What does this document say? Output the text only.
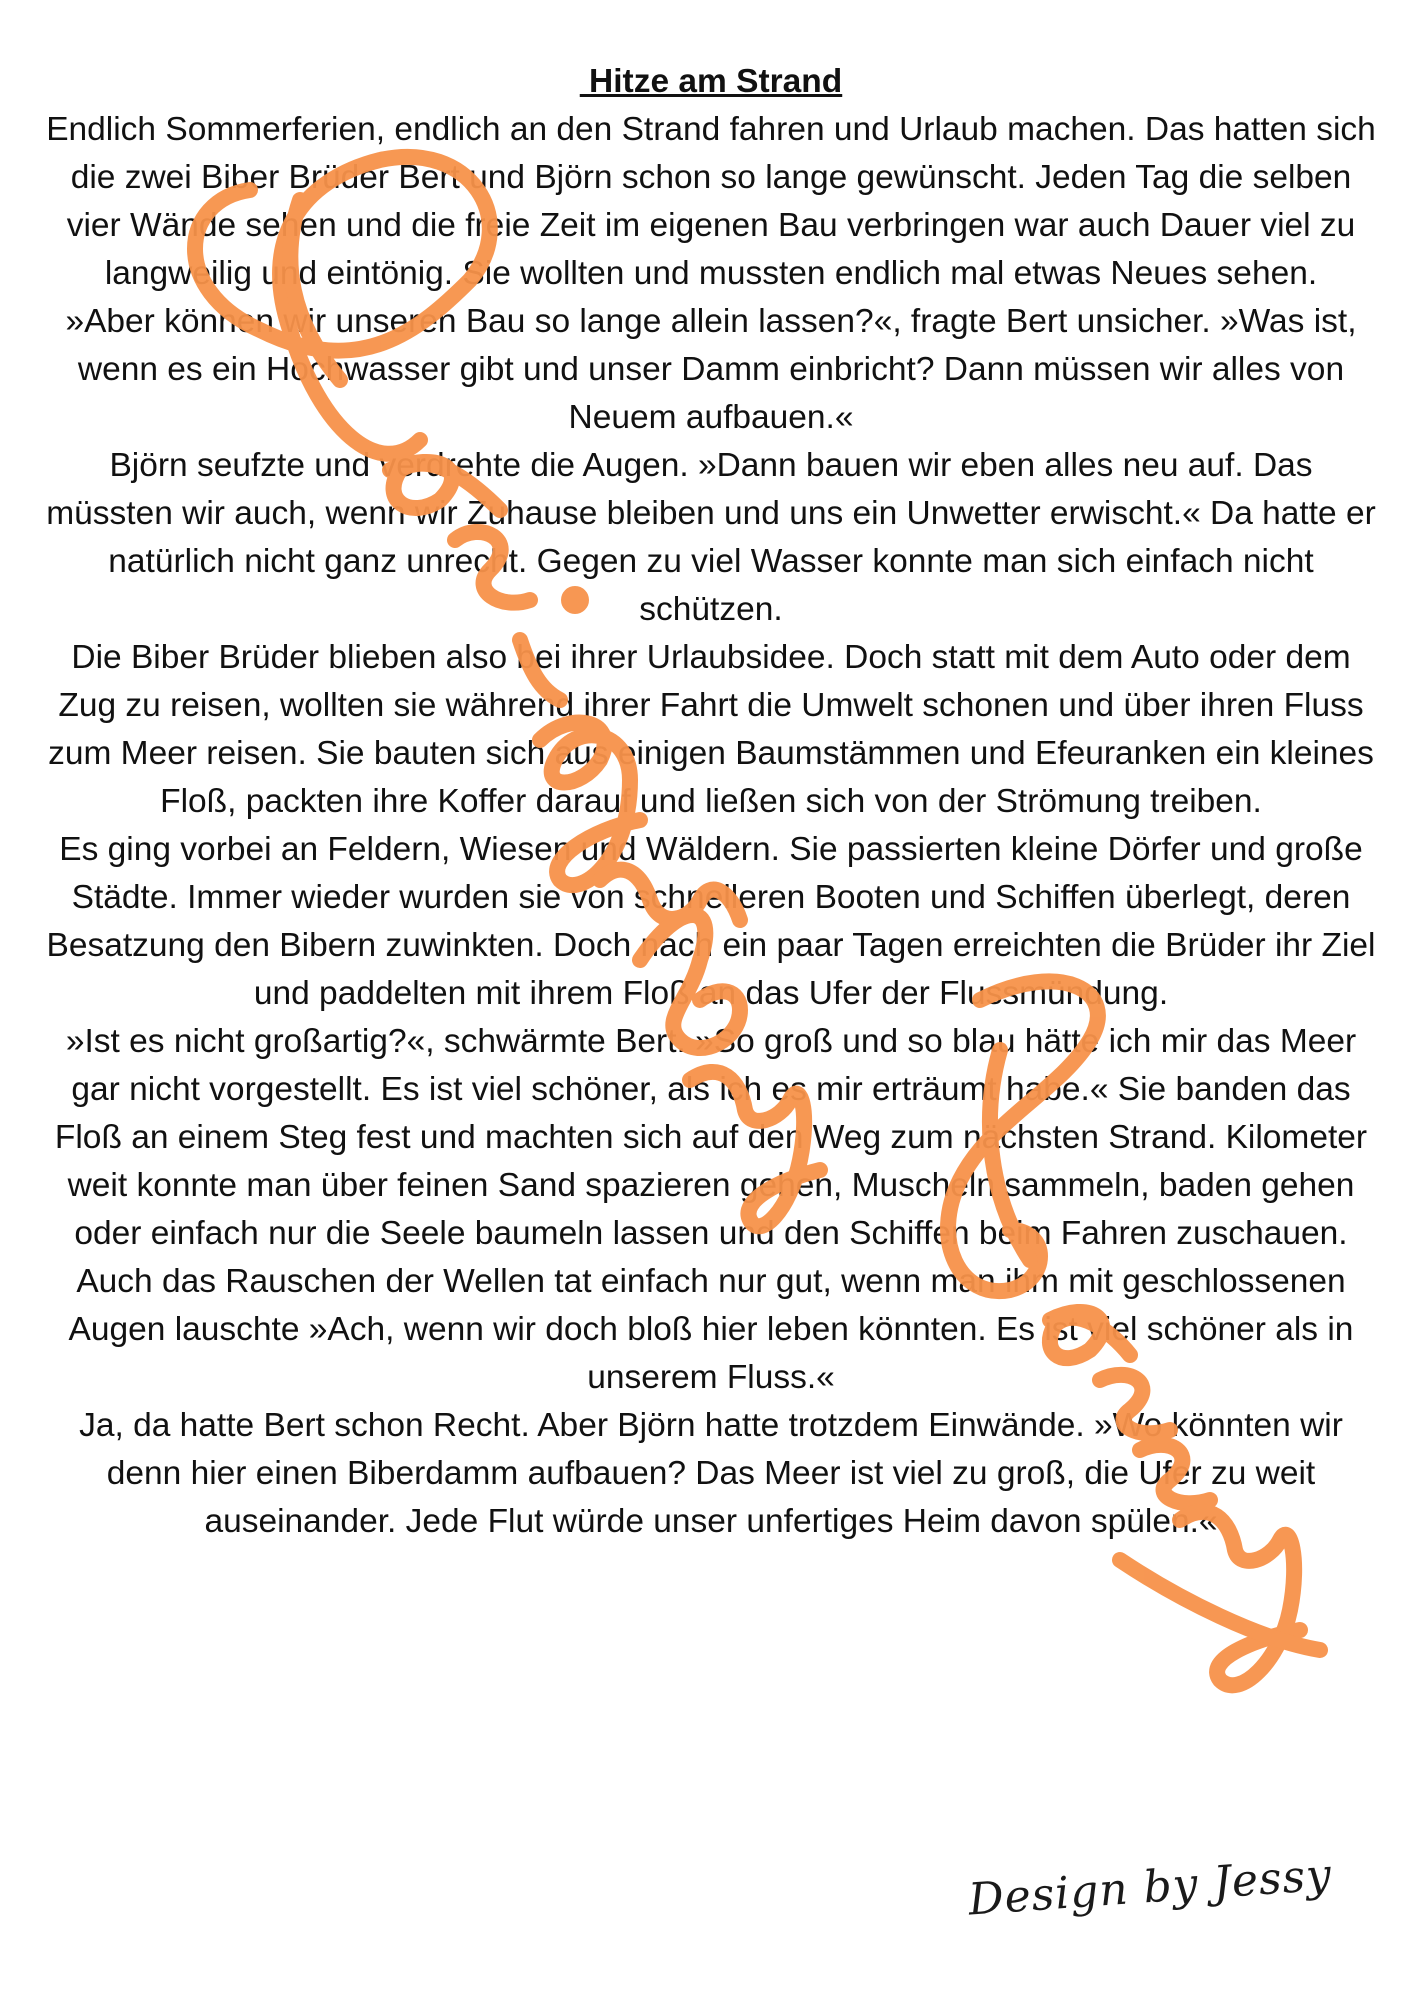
Hitze am Strand

Endlich Sommerferien, endlich an den Strand fahren und Urlaub machen. Das hatten sich die zwei Biber Brüder Bert und Björn schon so lange gewünscht. Jeden Tag die selben vier Wände sehen und die freie Zeit im eigenen Bau verbringen war auch Dauer viel zu langweilig und eintönig. Sie wollten und mussten endlich mal etwas Neues sehen.

»Aber können wir unseren Bau so lange allein lassen?«, fragte Bert unsicher. »Was ist, wenn es ein Hochwasser gibt und unser Damm einbricht? Dann müssen wir alles von Neuem aufbauen.«

Björn seufzte und verdrehte die Augen. »Dann bauen wir eben alles neu auf. Das müssten wir auch, wenn wir Zuhause bleiben und uns ein Unwetter erwischt.« Da hatte er natürlich nicht ganz unrecht. Gegen zu viel Wasser konnte man sich einfach nicht schützen.

Die Biber Brüder blieben also bei ihrer Urlaubsidee. Doch statt mit dem Auto oder dem Zug zu reisen, wollten sie während ihrer Fahrt die Umwelt schonen und über ihren Fluss zum Meer reisen. Sie bauten sich aus einigen Baumstämmen und Efeuranken ein kleines Floß, packten ihre Koffer darauf und ließen sich von der Strömung treiben.

Es ging vorbei an Feldern, Wiesen und Wäldern. Sie passierten kleine Dörfer und große Städte. Immer wieder wurden sie von schnelleren Booten und Schiffen überlegt, deren Besatzung den Bibern zuwinkten. Doch nach ein paar Tagen erreichten die Brüder ihr Ziel und paddelten mit ihrem Floß an das Ufer der Flussmündung.

»Ist es nicht großartig?«, schwärmte Bert. »So groß und so blau hätte ich mir das Meer gar nicht vorgestellt. Es ist viel schöner, als ich es mir erträumt habe.« Sie banden das Floß an einem Steg fest und machten sich auf den Weg zum nächsten Strand. Kilometer weit konnte man über feinen Sand spazieren gehen, Muscheln sammeln, baden gehen oder einfach nur die Seele baumeln lassen und den Schiffen beim Fahren zuschauen. Auch das Rauschen der Wellen tat einfach nur gut, wenn man ihm mit geschlossenen Augen lauschte »Ach, wenn wir doch bloß hier leben könnten. Es ist viel schöner als in unserem Fluss.«

Ja, da hatte Bert schon Recht. Aber Björn hatte trotzdem Einwände. »Wo könnten wir denn hier einen Biberdamm aufbauen? Das Meer ist viel zu groß, die Ufer zu weit auseinander. Jede Flut würde unser unfertiges Heim davon spülen.«

Design by Jessy
